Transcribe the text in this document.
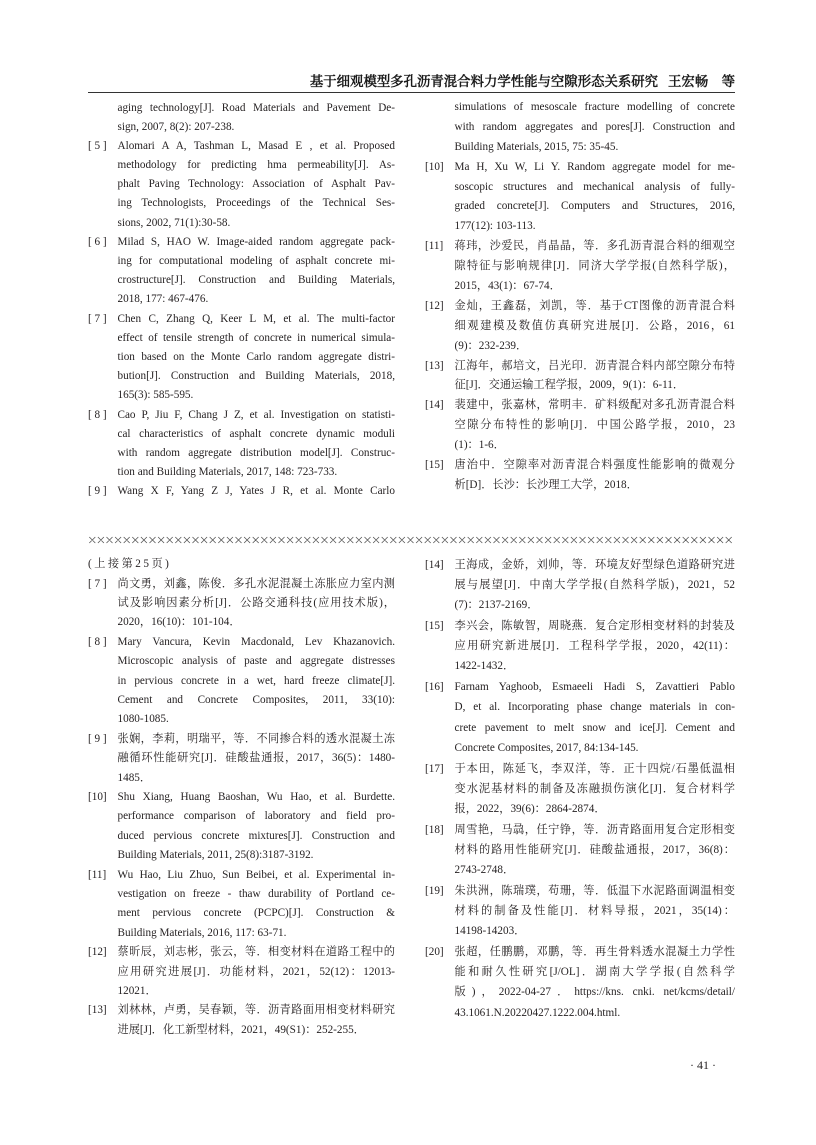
基于细观模型多孔沥青混合料力学性能与空隙形态关系研究 王宏畅　等
aging technology[J]. Road Materials and Pavement De-
sign, 2007, 8(2): 207-238.
[ 5 ] Alomari A A, Tashman L, Masad E , et al. Proposed
methodology for predicting hma permeability[J]. As-
phalt Paving Technology: Association of Asphalt Pav-
ing Technologists, Proceedings of the Technical Ses-
sions, 2002, 71(1):30-58.
[ 6 ] Milad S, HAO W. Image-aided random aggregate pack-
ing for computational modeling of asphalt concrete mi-
crostructure[J]. Construction and Building Materials,
2018, 177: 467-476.
[ 7 ] Chen C, Zhang Q, Keer L M, et al. The multi-factor
effect of tensile strength of concrete in numerical simula-
tion based on the Monte Carlo random aggregate distri-
bution[J]. Construction and Building Materials, 2018,
165(3): 585-595.
[ 8 ] Cao P, Jiu F, Chang J Z, et al. Investigation on statisti-
cal characteristics of asphalt concrete dynamic moduli
with random aggregate distribution model[J]. Construc-
tion and Building Materials, 2017, 148: 723-733.
[ 9 ] Wang X F, Yang Z J, Yates J R, et al. Monte Carlo
simulations of mesoscale fracture modelling of concrete
with random aggregates and pores[J]. Construction and
Building Materials, 2015, 75: 35-45.
[10] Ma H, Xu W, Li Y. Random aggregate model for me-
soscopic structures and mechanical analysis of fully-
graded concrete[J]. Computers and Structures, 2016,
177(12): 103-113.
[11]	蒋玮，沙爱民，肖晶晶，等．多孔沥青混合料的细观空
隙特征与影响规律[J]．同济大学学报(自然科学版)，
2015，43(1)：67-74．
[12] 金灿，王鑫磊，刘凯，等．基于CT图像的沥青混合料
细观建模及数值仿真研究进展[J]．公路，2016，61
(9)：232-239．
[13] 江海年，郝培文，吕光印．沥青混合料内部空隙分布特
征[J]．交通运输工程学报，2009，9(1)：6-11．
[14] 裴建中，张嘉林，常明丰．矿料级配对多孔沥青混合料
空隙分布特性的影响[J]．中国公路学报，2010，23
(1)：1-6．
[15] 唐治中．空隙率对沥青混合料强度性能影响的微观分
析[D]．长沙：长沙理工大学，2018．
(上接第25页)
[ 7 ] 尚文勇，刘鑫，陈俊．多孔水泥混凝土冻胀应力室内测
试及影响因素分析[J]．公路交通科技(应用技术版)，
2020，16(10)：101-104．
[ 8 ] Mary Vancura, Kevin Macdonald, Lev Khazanovich.
Microscopic analysis of paste and aggregate distresses
in pervious concrete in a wet, hard freeze climate[J].
Cement and Concrete Composites, 2011, 33(10):
1080-1085.
[ 9 ] 张娴，李莉，明瑞平，等．不同掺合料的透水混凝土冻
融循环性能研究[J]．硅酸盐通报，2017，36(5)：1480-
1485．
[10] Shu Xiang, Huang Baoshan, Wu Hao, et al. Burdette.
performance comparison of laboratory and field pro-
duced pervious concrete mixtures[J]. Construction and
Building Materials, 2011, 25(8):3187-3192.
[11]	Wu Hao, Liu Zhuo, Sun Beibei, et al. Experimental in-
vestigation on freeze - thaw durability of Portland ce-
ment pervious concrete (PCPC)[J]. Construction &
Building Materials, 2016, 117: 63-71.
[12] 蔡昕辰，刘志彬，张云，等．相变材料在道路工程中的
应用研究进展[J]．功能材料，2021，52(12)：12013-
12021．
[13] 刘林林，卢勇，吴春颖，等．沥青路面用相变材料研究
进展[J]．化工新型材料，2021，49(S1)：252-255．
[14] 王海成，金娇，刘帅，等．环境友好型绿色道路研究进
展与展望[J]．中南大学学报(自然科学版)，2021，52
(7)：2137-2169．
[15] 李兴会，陈敏智，周晓燕．复合定形相变材料的封装及
应用研究新进展[J]．工程科学学报，2020，42(11)：
1422-1432．
[16] Farnam Yaghoob, Esmaeeli Hadi S, Zavattieri Pablo
D, et al. Incorporating phase change materials in con-
crete pavement to melt snow and ice[J]. Cement and
Concrete Composites, 2017, 84:134-145.
[17] 于本田，陈延飞，李双洋，等．正十四烷/石墨低温相
变水泥基材料的制备及冻融损伤演化[J]．复合材料学
报，2022，39(6)：2864-2874．
[18] 周雪艳，马骉，任宁铮，等．沥青路面用复合定形相变
材料的路用性能研究[J]．硅酸盐通报，2017，36(8)：
2743-2748．
[19] 朱洪洲，陈瑞璞，苟珊，等．低温下水泥路面调温相变
材料的制备及性能[J]．材料导报，2021，35(14)：
14198-14203．
[20] 张超，任鹏鹏，邓鹏，等．再生骨料透水混凝土力学性
能和耐久性研究[J/OL]．湖南大学学报(自然科学
版)，2022-04-27．https://kns. cnki. net/kcms/detail/
43.1061.N.20220427.1222.004.html.
· 41 ·
